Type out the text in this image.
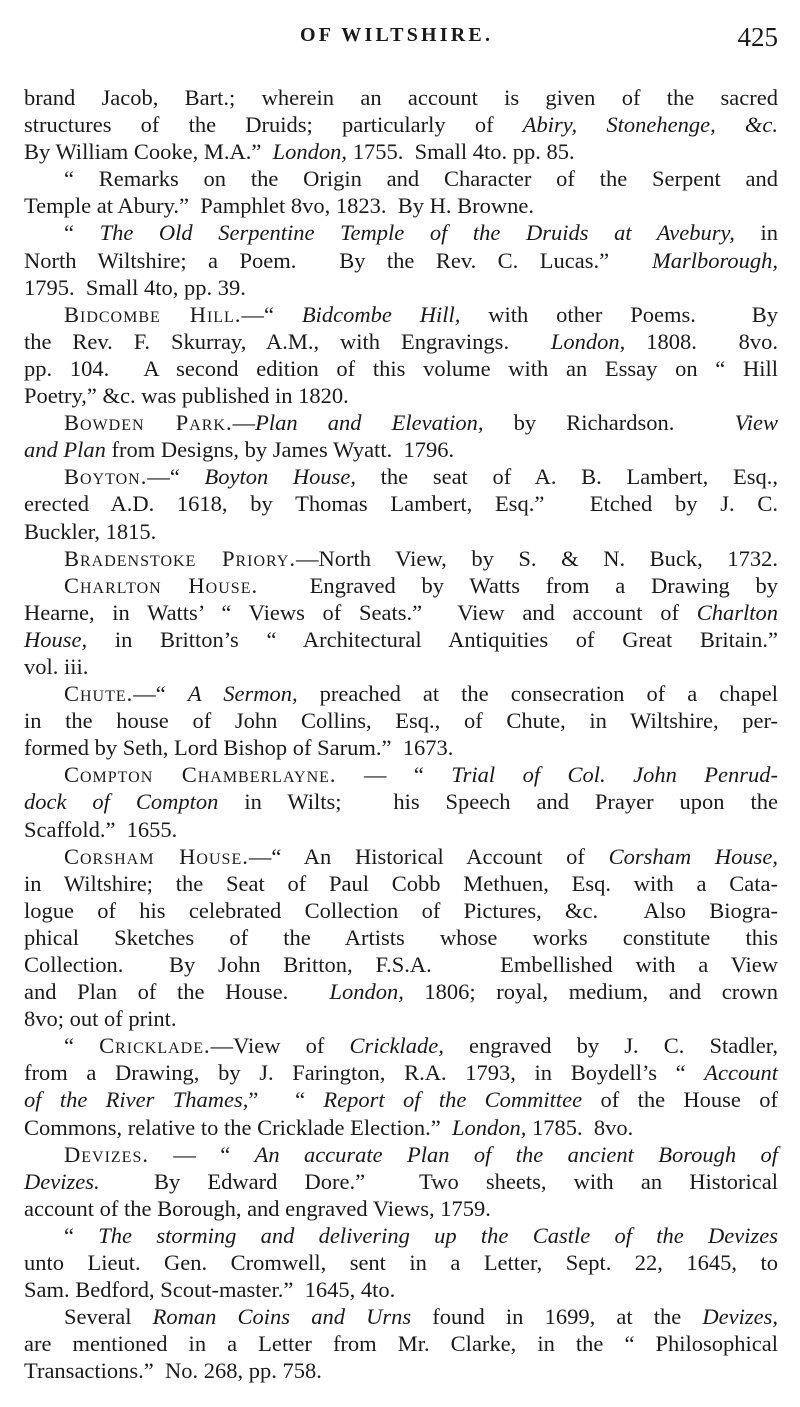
OF WILTSHIRE.	425
brand Jacob, Bart.; wherein an account is given of the sacred
structures of the Druids; particularly of Abiry, Stonehenge, &c.
By William Cooke, M.A.”  London, 1755.  Small 4to. pp. 85.
“ Remarks on the Origin and Character of the Serpent and
Temple at Abury.”  Pamphlet 8vo, 1823.  By H. Browne.
“ The Old Serpentine Temple of the Druids at Avebury, in
North Wiltshire; a Poem.  By the Rev. C. Lucas.”  Marlborough,
1795.  Small 4to, pp. 39.
Bidcombe Hill.—“ Bidcombe Hill, with other Poems.  By
the Rev. F. Skurray, A.M., with Engravings.  London, 1808.  8vo.
pp. 104.  A second edition of this volume with an Essay on “ Hill
Poetry,” &c. was published in 1820.
Bowden Park.—Plan and Elevation, by Richardson.  View
and Plan from Designs, by James Wyatt.  1796.
Boyton.—“ Boyton House, the seat of A. B. Lambert, Esq.,
erected A.D. 1618, by Thomas Lambert, Esq.”  Etched by J. C.
Buckler, 1815.
Bradenstoke Priory.—North View, by S. & N. Buck, 1732.
Charlton House.  Engraved by Watts from a Drawing by
Hearne, in Watts’ “ Views of Seats.”  View and account of Charlton
House, in Britton’s “ Architectural Antiquities of Great Britain.”
vol. iii.
Chute.—“ A Sermon, preached at the consecration of a chapel
in the house of John Collins, Esq., of Chute, in Wiltshire, per-
formed by Seth, Lord Bishop of Sarum.”  1673.
Compton Chamberlayne. — “ Trial of Col. John Penrud-
dock of Compton in Wilts;  his Speech and Prayer upon the
Scaffold.”  1655.
Corsham House.—“ An Historical Account of Corsham House,
in Wiltshire; the Seat of Paul Cobb Methuen, Esq. with a Cata-
logue of his celebrated Collection of Pictures, &c.  Also Biogra-
phical  Sketches  of  the  Artists  whose  works  constitute  this
Collection.  By John Britton, F.S.A.   Embellished with a View
and Plan of the House.  London, 1806; royal, medium, and crown
8vo; out of print.
“ Cricklade.—View of Cricklade, engraved by J. C. Stadler,
from a Drawing, by J. Farington, R.A. 1793, in Boydell’s “ Account
of the River Thames,”  “ Report of the Committee of the House of
Commons, relative to the Cricklade Election.”  London, 1785.  8vo.
Devizes. — “ An accurate Plan of the ancient Borough of
Devizes.  By Edward Dore.”  Two sheets, with an Historical
account of the Borough, and engraved Views, 1759.
“ The storming and delivering up the Castle of the Devizes
unto Lieut. Gen. Cromwell, sent in a Letter, Sept. 22, 1645, to
Sam. Bedford, Scout-master.”  1645, 4to.
Several Roman Coins and Urns found in 1699, at the Devizes,
are mentioned in a Letter from Mr. Clarke, in the “ Philosophical
Transactions.”  No. 268, pp. 758.
